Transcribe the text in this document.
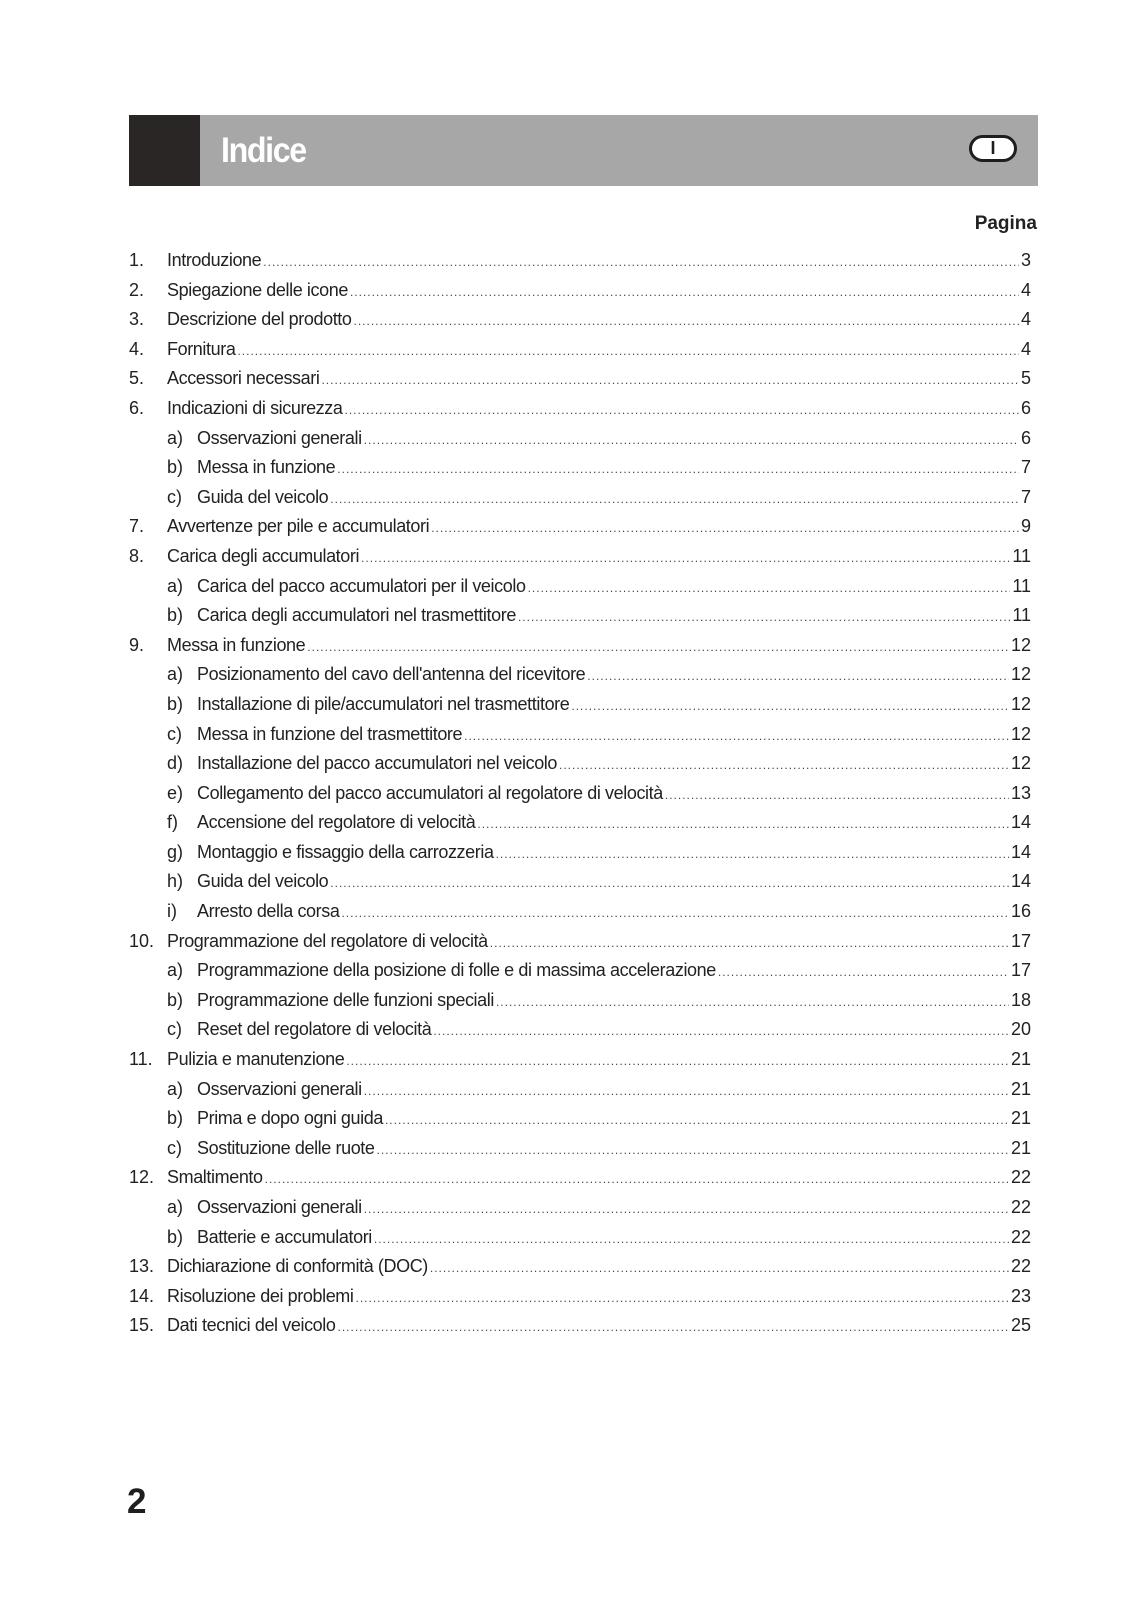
Indice	I
Pagina
1.	Introduzione .....	3
2.	Spiegazione delle icone .....	4
3.	Descrizione del prodotto .....	4
4.	Fornitura .....	4
5.	Accessori necessari .....	5
6.	Indicazioni di sicurezza .....	6
a) Osservazioni generali .....	6
b) Messa in funzione .....	7
c) Guida del veicolo .....	7
7.	Avvertenze per pile e accumulatori .....	9
8.	Carica degli accumulatori .....	11
a) Carica del pacco accumulatori per il veicolo .....	11
b) Carica degli accumulatori nel trasmettitore .....	11
9.	Messa in funzione .....	12
a) Posizionamento del cavo dell'antenna del ricevitore .....	12
b) Installazione di pile/accumulatori nel trasmettitore .....	12
c) Messa in funzione del trasmettitore .....	12
d) Installazione del pacco accumulatori nel veicolo .....	12
e) Collegamento del pacco accumulatori al regolatore di velocità .....	13
f)	Accensione del regolatore di velocità .....	14
g) Montaggio e fissaggio della carrozzeria .....	14
h) Guida del veicolo .....	14
i)	Arresto della corsa .....	16
10. Programmazione del regolatore di velocità .....	17
a) Programmazione della posizione di folle e di massima accelerazione .....	17
b) Programmazione delle funzioni speciali .....	18
c) Reset del regolatore di velocità .....	20
11. Pulizia e manutenzione .....	21
a) Osservazioni generali .....	21
b) Prima e dopo ogni guida .....	21
c) Sostituzione delle ruote .....	21
12. Smaltimento .....	22
a) Osservazioni generali .....	22
b) Batterie e accumulatori .....	22
13. Dichiarazione di conformità (DOC) .....	22
14. Risoluzione dei problemi .....	23
15. Dati tecnici del veicolo .....	25
2
